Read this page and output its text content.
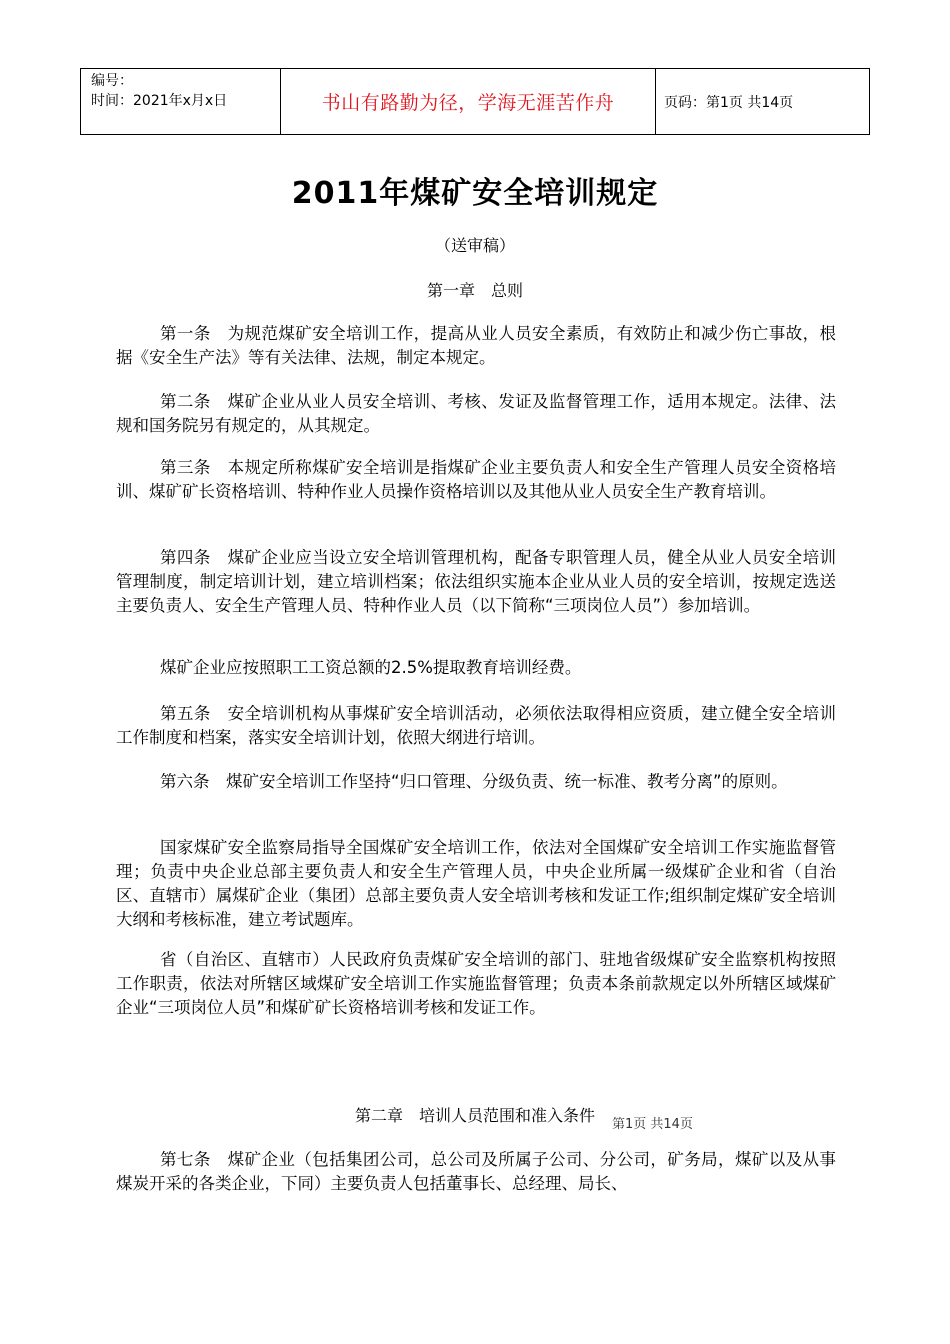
编号：
时间：2021年x月x日	书山有路勤为径，学海无涯苦作舟	页码：第1页 共14页
2011年煤矿安全培训规定
（送审稿）
第一章　总则
第一条　为规范煤矿安全培训工作，提高从业人员安全素质，有效防止和减少伤亡事故，根据《安全生产法》等有关法律、法规，制定本规定。
第二条　煤矿企业从业人员安全培训、考核、发证及监督管理工作，适用本规定。法律、法规和国务院另有规定的，从其规定。
第三条　本规定所称煤矿安全培训是指煤矿企业主要负责人和安全生产管理人员安全资格培训、煤矿矿长资格培训、特种作业人员操作资格培训以及其他从业人员安全生产教育培训。
第四条　煤矿企业应当设立安全培训管理机构，配备专职管理人员，健全从业人员安全培训管理制度，制定培训计划，建立培训档案；依法组织实施本企业从业人员的安全培训，按规定选送主要负责人、安全生产管理人员、特种作业人员（以下简称“三项岗位人员”）参加培训。
煤矿企业应按照职工工资总额的2.5%提取教育培训经费。
第五条　安全培训机构从事煤矿安全培训活动，必须依法取得相应资质，建立健全安全培训工作制度和档案，落实安全培训计划，依照大纲进行培训。
第六条　煤矿安全培训工作坚持“归口管理、分级负责、统一标准、教考分离”的原则。
国家煤矿安全监察局指导全国煤矿安全培训工作，依法对全国煤矿安全培训工作实施监督管理；负责中央企业总部主要负责人和安全生产管理人员，中央企业所属一级煤矿企业和省（自治区、直辖市）属煤矿企业（集团）总部主要负责人安全培训考核和发证工作;组织制定煤矿安全培训大纲和考核标准，建立考试题库。
省（自治区、直辖市）人民政府负责煤矿安全培训的部门、驻地省级煤矿安全监察机构按照工作职责，依法对所辖区域煤矿安全培训工作实施监督管理；负责本条前款规定以外所辖区域煤矿企业“三项岗位人员”和煤矿矿长资格培训考核和发证工作。
第二章　培训人员范围和准入条件	第1页 共14页
第七条　煤矿企业（包括集团公司，总公司及所属子公司、分公司，矿务局，煤矿以及从事煤炭开采的各类企业，下同）主要负责人包括董事长、总经理、局长、
